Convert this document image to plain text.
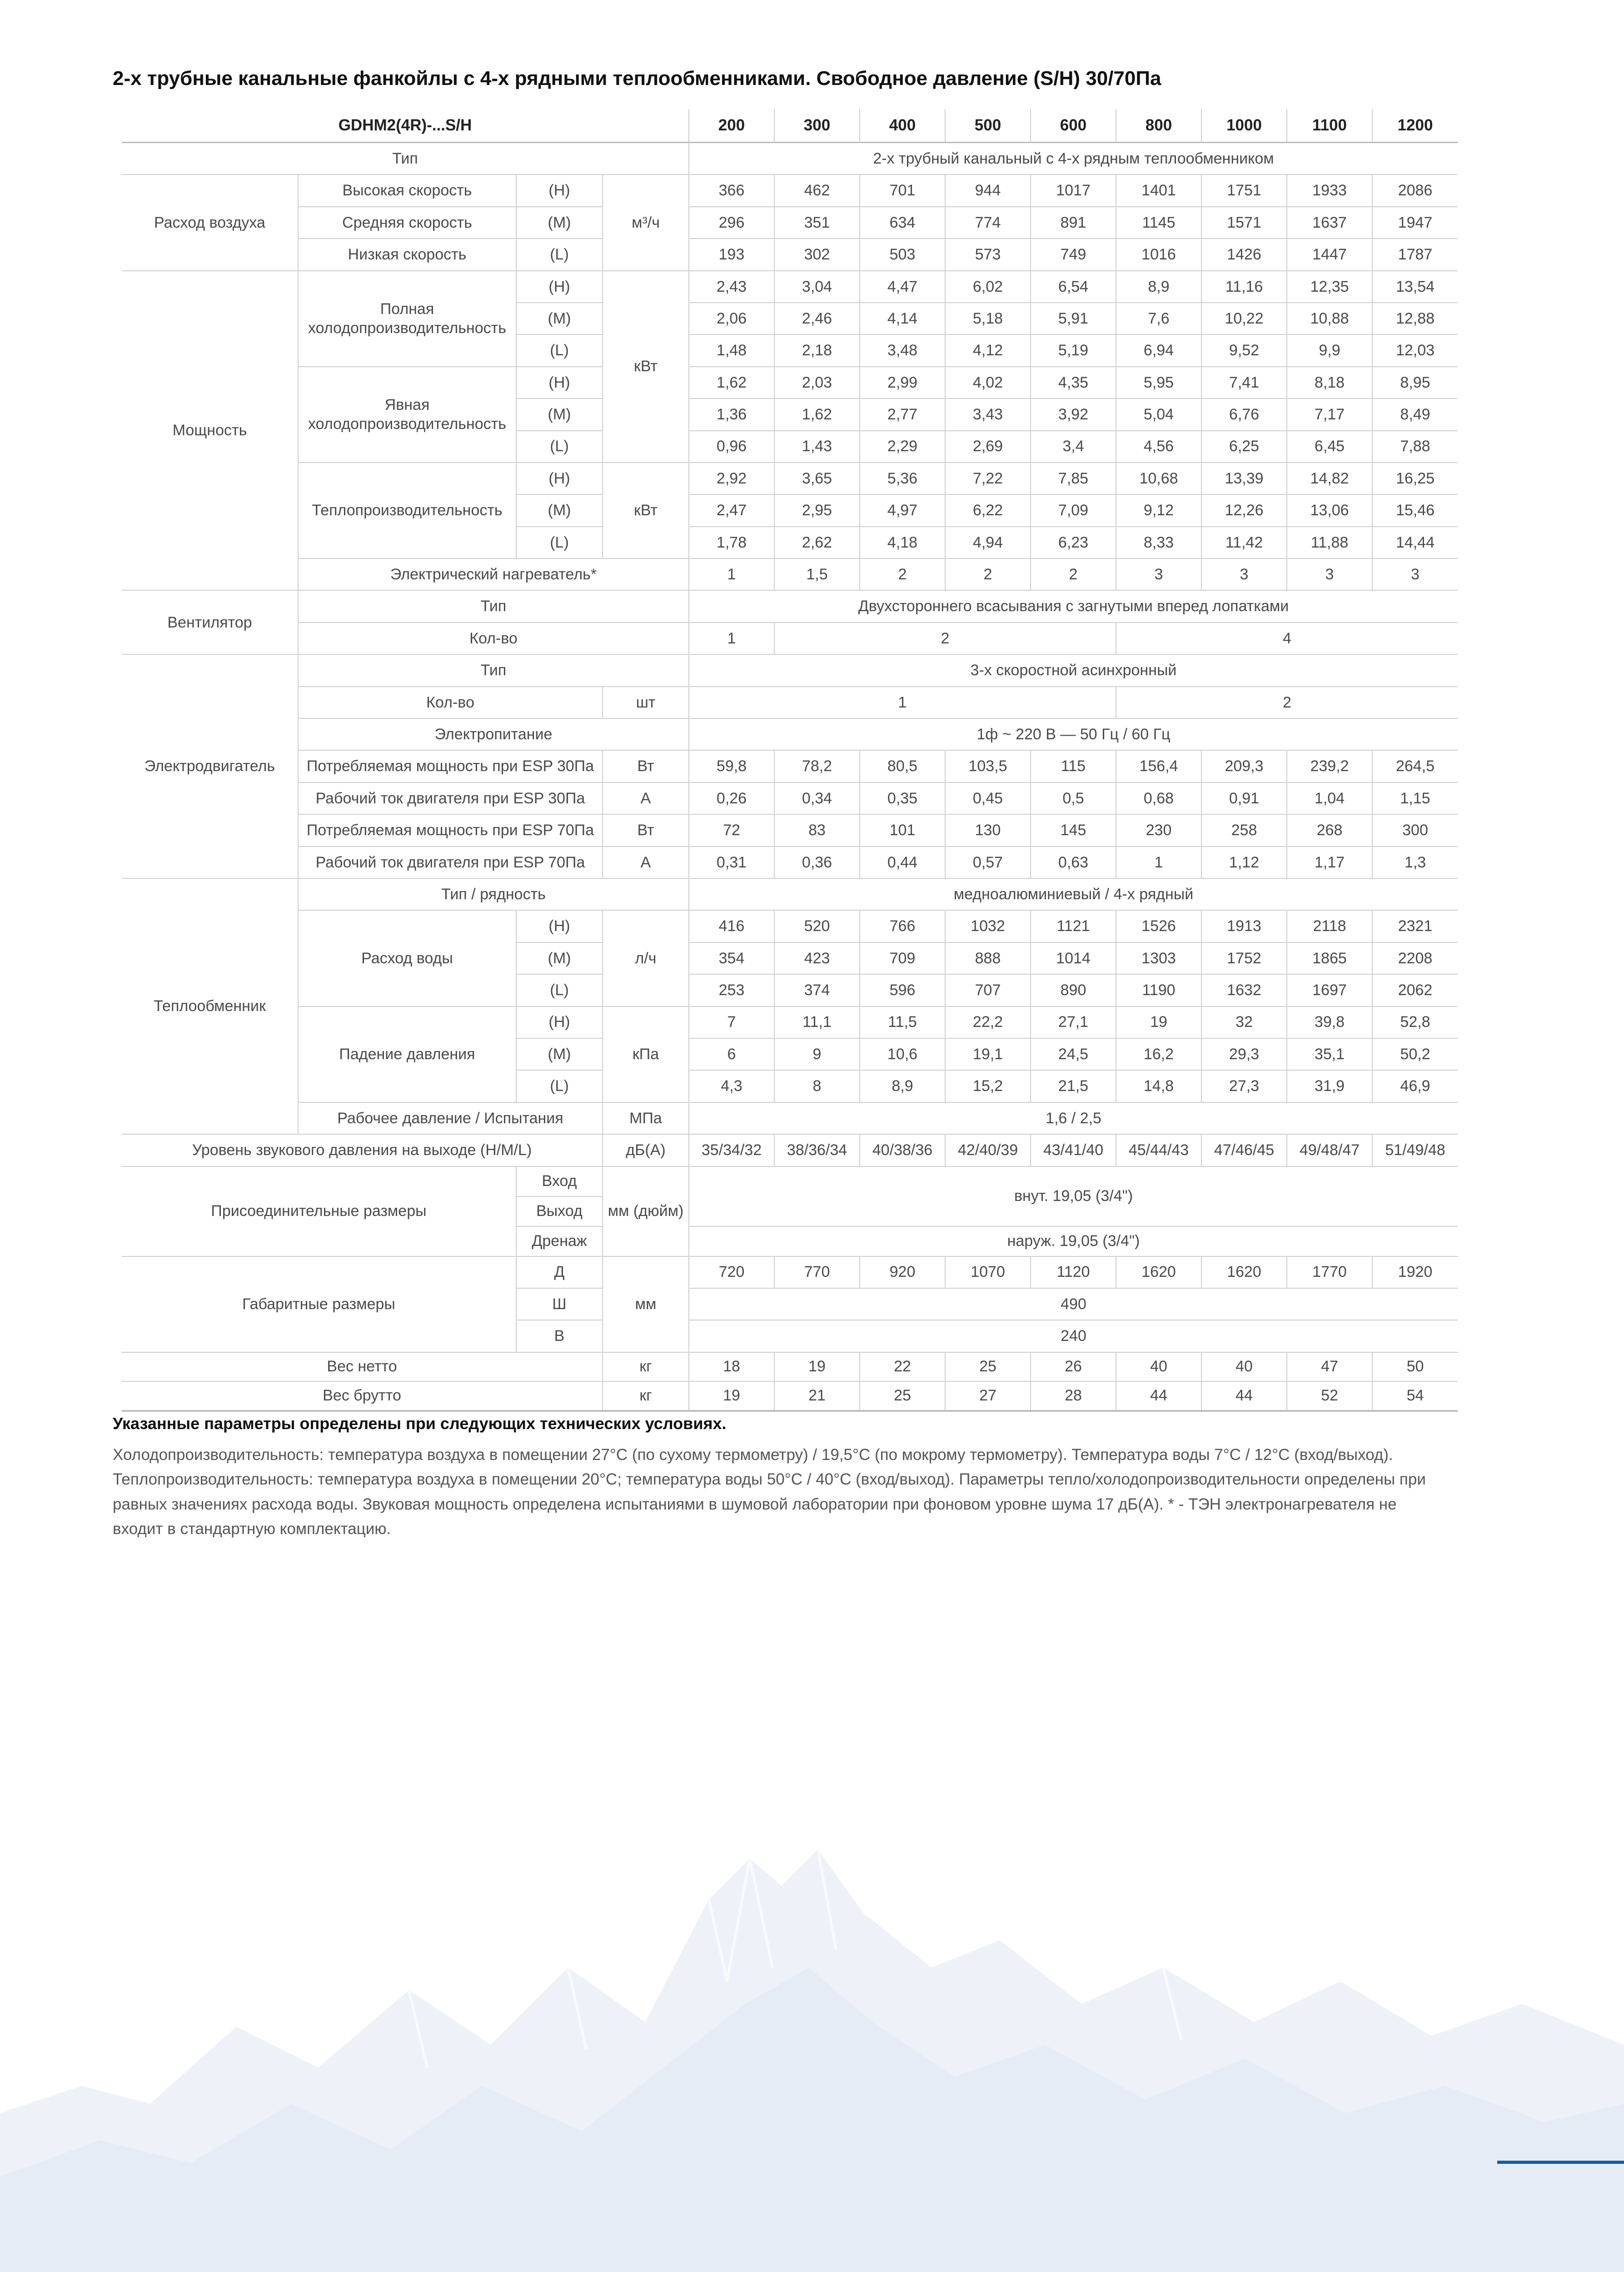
2-х трубные канальные фанкойлы с 4-х рядными теплообменниками. Свободное давление (S/H) 30/70Па
GDHM2(4R)-...S/H				200	300	400	500	600	800	1000	1100	1200
Тип				2-х трубный канальный с 4-х рядным теплообменником								
Расход воздуха	Высокая скорость	(H)	м³/ч	366	462	701	944	1017	1401	1751	1933	2086
	Средняя скорость	(M)		296	351	634	774	891	1145	1571	1637	1947
	Низкая скорость	(L)		193	302	503	573	749	1016	1426	1447	1787
Мощность	Полная холодопроизводительность	(H)	кВт	2,43	3,04	4,47	6,02	6,54	8,9	11,16	12,35	13,54
		(M)		2,06	2,46	4,14	5,18	5,91	7,6	10,22	10,88	12,88
		(L)		1,48	2,18	3,48	4,12	5,19	6,94	9,52	9,9	12,03
	Явная холодопроизводительность	(H)		1,62	2,03	2,99	4,02	4,35	5,95	7,41	8,18	8,95
		(M)		1,36	1,62	2,77	3,43	3,92	5,04	6,76	7,17	8,49
		(L)		0,96	1,43	2,29	2,69	3,4	4,56	6,25	6,45	7,88
	Теплопроизводительность	(H)	кВт	2,92	3,65	5,36	7,22	7,85	10,68	13,39	14,82	16,25
		(M)		2,47	2,95	4,97	6,22	7,09	9,12	12,26	13,06	15,46
		(L)		1,78	2,62	4,18	4,94	6,23	8,33	11,42	11,88	14,44
	Электрический нагреватель*			1	1,5	2	2	2	3	3	3	3
Вентилятор	Тип			Двухстороннего всасывания с загнутыми вперед лопатками								
	Кол-во			1	2				4			
Электродвигатель	Тип			3-х скоростной асинхронный								
	Кол-во		шт	1					2			
	Электропитание			1ф ~ 220 В — 50 Гц / 60 Гц								
	Потребляемая мощность при ESP 30Па		Вт	59,8	78,2	80,5	103,5	115	156,4	209,3	239,2	264,5
	Рабочий ток двигателя при ESP 30Па		А	0,26	0,34	0,35	0,45	0,5	0,68	0,91	1,04	1,15
	Потребляемая мощность при ESP 70Па		Вт	72	83	101	130	145	230	258	268	300
	Рабочий ток двигателя при ESP 70Па		А	0,31	0,36	0,44	0,57	0,63	1	1,12	1,17	1,3
Теплообменник	Тип / рядность			медноалюминиевый / 4-х рядный								
	Расход воды	(H)	л/ч	416	520	766	1032	1121	1526	1913	2118	2321
		(M)		354	423	709	888	1014	1303	1752	1865	2208
		(L)		253	374	596	707	890	1190	1632	1697	2062
	Падение давления	(H)	кПа	7	11,1	11,5	22,2	27,1	19	32	39,8	52,8
		(M)		6	9	10,6	19,1	24,5	16,2	29,3	35,1	50,2
		(L)		4,3	8	8,9	15,2	21,5	14,8	27,3	31,9	46,9
	Рабочее давление / Испытания		МПа	1,6 / 2,5								
Уровень звукового давления на выходе (H/M/L)			дБ(А)	35/34/32	38/36/34	40/38/36	42/40/39	43/41/40	45/44/43	47/46/45	49/48/47	51/49/48
Присоединительные размеры		Вход	мм (дюйм)	внут. 19,05 (3/4")								
		Выход										
		Дренаж		наруж. 19,05 (3/4")								
Габаритные размеры		Д	мм	720	770	920	1070	1120	1620	1620	1770	1920
		Ш		490								
		В		240								
Вес нетто			кг	18	19	22	25	26	40	40	47	50
Вес брутто			кг	19	21	25	27	28	44	44	52	54
Указанные параметры определены при следующих технических условиях.

Холодопроизводительность: температура воздуха в помещении 27°C (по сухому термометру) / 19,5°C (по мокрому термометру). Температура воды 7°C / 12°C (вход/выход). Теплопроизводительность: температура воздуха в помещении 20°C; температура воды 50°C / 40°C (вход/выход). Параметры тепло/холодопроизводительности определены при равных значениях расхода воды. Звуковая мощность определена испытаниями в шумовой лаборатории при фоновом уровне шума 17 дБ(А). * - ТЭН электронагревателя не входит в стандартную комплектацию.
